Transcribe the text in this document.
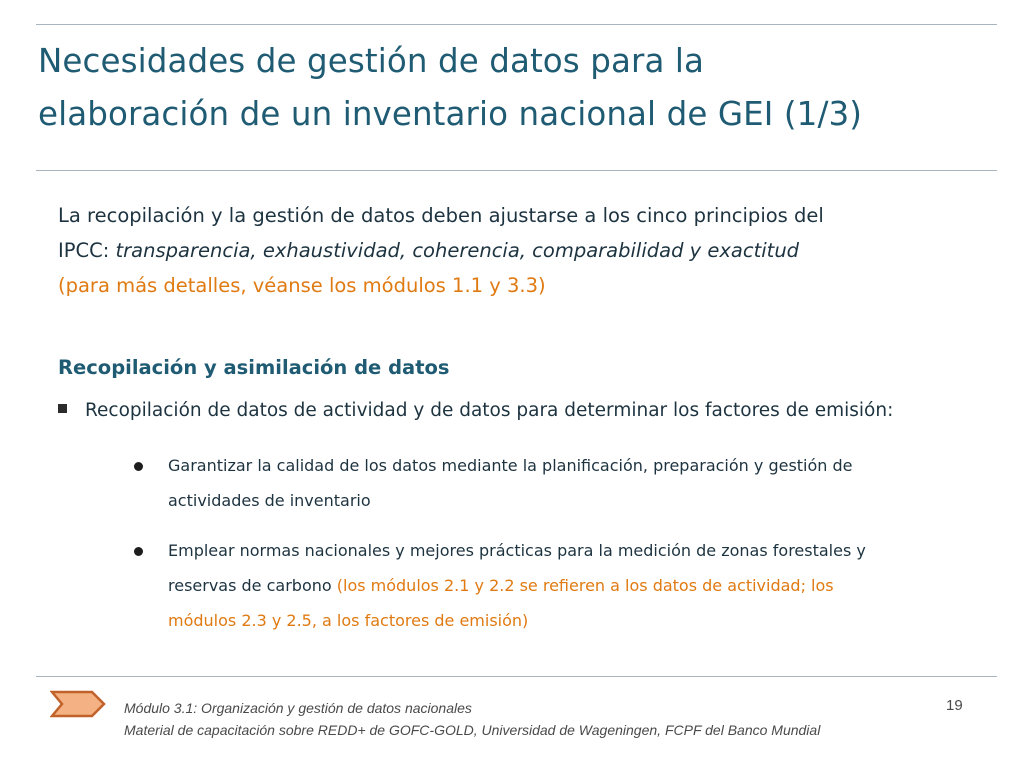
Necesidades de gestión de datos para la
elaboración de un inventario nacional de GEI (1/3)
La recopilación y la gestión de datos deben ajustarse a los cinco principios del
IPCC: transparencia, exhaustividad, coherencia, comparabilidad y exactitud
(para más detalles, véanse los módulos 1.1 y 3.3)
Recopilación y asimilación de datos
Recopilación de datos de actividad y de datos para determinar los factores de emisión:
Garantizar la calidad de los datos mediante la planificación, preparación y gestión de
actividades de inventario
Emplear normas nacionales y mejores prácticas para la medición de zonas forestales y
reservas de carbono (los módulos 2.1 y 2.2 se refieren a los datos de actividad; los
módulos 2.3 y 2.5, a los factores de emisión)
Módulo 3.1: Organización y gestión de datos nacionales
Material de capacitación sobre REDD+ de GOFC-GOLD, Universidad de Wageningen, FCPF del Banco Mundial
19
